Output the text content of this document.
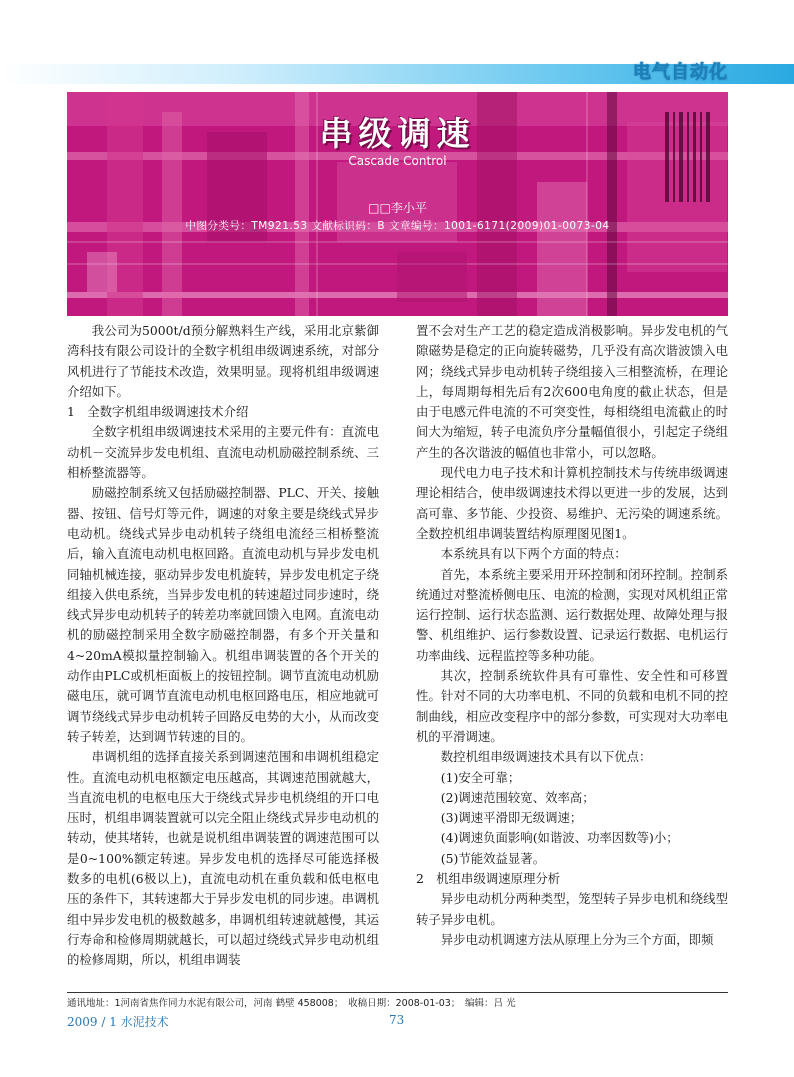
电气自动化
串级调速
Cascade Control
□□李小平
中图分类号：TM921.53 文献标识码：B 文章编号：1001-6171(2009)01-0073-04

我公司为5000t/d预分解熟料生产线，采用北京紫御湾科技有限公司设计的全数字机组串级调速系统，对部分风机进行了节能技术改造，效果明显。现将机组串级调速介绍如下。

1　全数字机组串级调速技术介绍

全数字机组串级调速技术采用的主要元件有：直流电动机－交流异步发电机组、直流电动机励磁控制系统、三相桥整流器等。

励磁控制系统又包括励磁控制器、PLC、开关、接触器、按钮、信号灯等元件，调速的对象主要是绕线式异步电动机。绕线式异步电动机转子绕组电流经三相桥整流后，输入直流电动机电枢回路。直流电动机与异步发电机同轴机械连接，驱动异步发电机旋转，异步发电机定子绕组接入供电系统，当异步发电机的转速超过同步速时，绕线式异步电动机转子的转差功率就回馈入电网。直流电动机的励磁控制采用全数字励磁控制器，有多个开关量和4~20mA模拟量控制输入。机组串调装置的各个开关的动作由PLC或机柜面板上的按钮控制。调节直流电动机励磁电压，就可调节直流电动机电枢回路电压，相应地就可调节绕线式异步电动机转子回路反电势的大小，从而改变转子转差，达到调节转速的目的。

串调机组的选择直接关系到调速范围和串调机组稳定性。直流电动机电枢额定电压越高，其调速范围就越大，当直流电机的电枢电压大于绕线式异步电机绕组的开口电压时，机组串调装置就可以完全阻止绕线式异步电动机的转动，使其堵转，也就是说机组串调装置的调速范围可以是0~100%额定转速。异步发电机的选择尽可能选择极数多的电机(6极以上)，直流电动机在重负载和低电枢电压的条件下，其转速都大于异步发电机的同步速。串调机组中异步发电机的极数越多，串调机组转速就越慢，其运行寿命和检修周期就越长，可以超过绕线式异步电动机组的检修周期，所以，机组串调装

置不会对生产工艺的稳定造成消极影响。异步发电机的气隙磁势是稳定的正向旋转磁势，几乎没有高次谐波馈入电网；绕线式异步电动机转子绕组接入三相整流桥，在理论上，每周期每相先后有2次600电角度的截止状态，但是由于电感元件电流的不可突变性，每相绕组电流截止的时间大为缩短，转子电流负序分量幅值很小，引起定子绕组产生的各次谐波的幅值也非常小，可以忽略。

现代电力电子技术和计算机控制技术与传统串级调速理论相结合，使串级调速技术得以更进一步的发展，达到高可靠、多节能、少投资、易维护、无污染的调速系统。全数控机组串调装置结构原理图见图1。

本系统具有以下两个方面的特点：

首先，本系统主要采用开环控制和闭环控制。控制系统通过对整流桥侧电压、电流的检测，实现对风机组正常运行控制、运行状态监测、运行数据处理、故障处理与报警、机组维护、运行参数设置、记录运行数据、电机运行功率曲线、远程监控等多种功能。

其次，控制系统软件具有可靠性、安全性和可移置性。针对不同的大功率电机、不同的负载和电机不同的控制曲线，相应改变程序中的部分参数，可实现对大功率电机的平滑调速。

数控机组串级调速技术具有以下优点：

(1)安全可靠；

(2)调速范围较宽、效率高；

(3)调速平滑即无级调速；

(4)调速负面影响(如谐波、功率因数等)小；

(5)节能效益显著。

2　机组串级调速原理分析

异步电动机分两种类型，笼型转子异步电机和绕线型转子异步电机。

异步电动机调速方法从原理上分为三个方面，即频

通讯地址：1河南省焦作同力水泥有限公司，河南 鹤壁 458008；　收稿日期：2008-01-03；　编辑：吕 光
2009 / 1 水泥技术	73
